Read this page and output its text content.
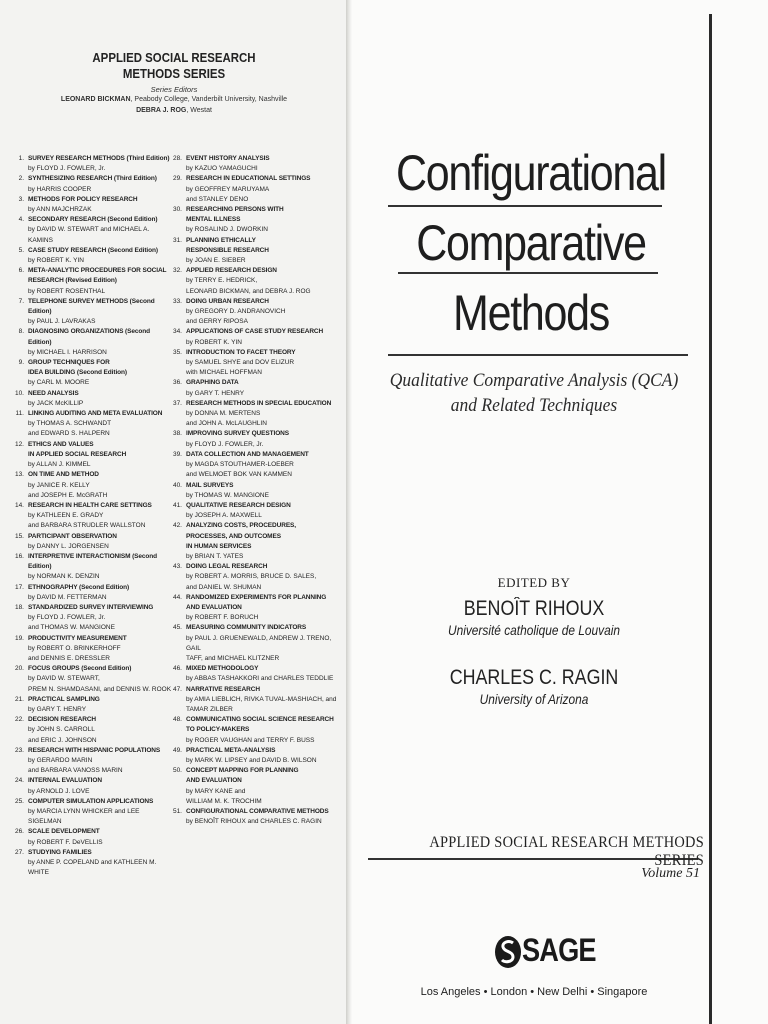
APPLIED SOCIAL RESEARCH
METHODS SERIES
Series Editors
LEONARD BICKMAN, Peabody College, Vanderbilt University, Nashville
DEBRA J. ROG, Westat
1. SURVEY RESEARCH METHODS (Third Edition)
by FLOYD J. FOWLER, Jr.
2. SYNTHESIZING RESEARCH (Third Edition)
by HARRIS COOPER
3. METHODS FOR POLICY RESEARCH
by ANN MAJCHRZAK
4. SECONDARY RESEARCH (Second Edition)
by DAVID W. STEWART and MICHAEL A. KAMINS
5. CASE STUDY RESEARCH (Second Edition)
by ROBERT K. YIN
6. META-ANALYTIC PROCEDURES FOR SOCIAL
RESEARCH (Revised Edition)
by ROBERT ROSENTHAL
7. TELEPHONE SURVEY METHODS (Second Edition)
by PAUL J. LAVRAKAS
8. DIAGNOSING ORGANIZATIONS (Second Edition)
by MICHAEL I. HARRISON
9. GROUP TECHNIQUES FOR
IDEA BUILDING (Second Edition)
by CARL M. MOORE
10. NEED ANALYSIS
by JACK McKILLIP
11. LINKING AUDITING AND META EVALUATION
by THOMAS A. SCHWANDT
and EDWARD S. HALPERN
12. ETHICS AND VALUES
IN APPLIED SOCIAL RESEARCH
by ALLAN J. KIMMEL
13. ON TIME AND METHOD
by JANICE R. KELLY
and JOSEPH E. McGRATH
14. RESEARCH IN HEALTH CARE SETTINGS
by KATHLEEN E. GRADY
and BARBARA STRUDLER WALLSTON
15. PARTICIPANT OBSERVATION
by DANNY L. JORGENSEN
16. INTERPRETIVE INTERACTIONISM (Second Edition)
by NORMAN K. DENZIN
17. ETHNOGRAPHY (Second Edition)
by DAVID M. FETTERMAN
18. STANDARDIZED SURVEY INTERVIEWING
by FLOYD J. FOWLER, Jr.
and THOMAS W. MANGIONE
19. PRODUCTIVITY MEASUREMENT
by ROBERT O. BRINKERHOFF
and DENNIS E. DRESSLER
20. FOCUS GROUPS (Second Edition)
by DAVID W. STEWART,
PREM N. SHAMDASANI, and DENNIS W. ROOK
21. PRACTICAL SAMPLING
by GARY T. HENRY
22. DECISION RESEARCH
by JOHN S. CARROLL
and ERIC J. JOHNSON
23. RESEARCH WITH HISPANIC POPULATIONS
by GERARDO MARIN
and BARBARA VANOSS MARIN
24. INTERNAL EVALUATION
by ARNOLD J. LOVE
25. COMPUTER SIMULATION APPLICATIONS
by MARCIA LYNN WHICKER and LEE SIGELMAN
26. SCALE DEVELOPMENT
by ROBERT F. DeVELLIS
27. STUDYING FAMILIES
by ANNE P. COPELAND and KATHLEEN M. WHITE
28. EVENT HISTORY ANALYSIS
by KAZUO YAMAGUCHI
29. RESEARCH IN EDUCATIONAL SETTINGS
by GEOFFREY MARUYAMA
and STANLEY DENO
30. RESEARCHING PERSONS WITH
MENTAL ILLNESS
by ROSALIND J. DWORKIN
31. PLANNING ETHICALLY
RESPONSIBLE RESEARCH
by JOAN E. SIEBER
32. APPLIED RESEARCH DESIGN
by TERRY E. HEDRICK,
LEONARD BICKMAN, and DEBRA J. ROG
33. DOING URBAN RESEARCH
by GREGORY D. ANDRANOVICH
and GERRY RIPOSA
34. APPLICATIONS OF CASE STUDY RESEARCH
by ROBERT K. YIN
35. INTRODUCTION TO FACET THEORY
by SAMUEL SHYE and DOV ELIZUR
with MICHAEL HOFFMAN
36. GRAPHING DATA
by GARY T. HENRY
37. RESEARCH METHODS IN SPECIAL EDUCATION
by DONNA M. MERTENS
and JOHN A. McLAUGHLIN
38. IMPROVING SURVEY QUESTIONS
by FLOYD J. FOWLER, Jr.
39. DATA COLLECTION AND MANAGEMENT
by MAGDA STOUTHAMER-LOEBER
and WELMOET BOK VAN KAMMEN
40. MAIL SURVEYS
by THOMAS W. MANGIONE
41. QUALITATIVE RESEARCH DESIGN
by JOSEPH A. MAXWELL
42. ANALYZING COSTS, PROCEDURES,
PROCESSES, AND OUTCOMES
IN HUMAN SERVICES
by BRIAN T. YATES
43. DOING LEGAL RESEARCH
by ROBERT A. MORRIS, BRUCE D. SALES,
and DANIEL W. SHUMAN
44. RANDOMIZED EXPERIMENTS FOR PLANNING
AND EVALUATION
by ROBERT F. BORUCH
45. MEASURING COMMUNITY INDICATORS
by PAUL J. GRUENEWALD, ANDREW J. TRENO, GAIL
TAFF, and MICHAEL KLITZNER
46. MIXED METHODOLOGY
by ABBAS TASHAKKORI and CHARLES TEDDLIE
47. NARRATIVE RESEARCH
by AMIA LIEBLICH, RIVKA TUVAL-MASHIACH, and
TAMAR ZILBER
48. COMMUNICATING SOCIAL SCIENCE RESEARCH
TO POLICY-MAKERS
by ROGER VAUGHAN and TERRY F. BUSS
49. PRACTICAL META-ANALYSIS
by MARK W. LIPSEY and DAVID B. WILSON
50. CONCEPT MAPPING FOR PLANNING
AND EVALUATION
by MARY KANE and
WILLIAM M. K. TROCHIM
51. CONFIGURATIONAL COMPARATIVE METHODS
by BENOÎT RIHOUX and CHARLES C. RAGIN
Configurational
Comparative
Methods
Qualitative Comparative Analysis (QCA)
and Related Techniques
EDITED BY
BENOÎT RIHOUX
Université catholique de Louvain
CHARLES C. RAGIN
University of Arizona
APPLIED SOCIAL RESEARCH METHODS SERIES
Volume 51
SAGE
Los Angeles • London • New Delhi • Singapore
